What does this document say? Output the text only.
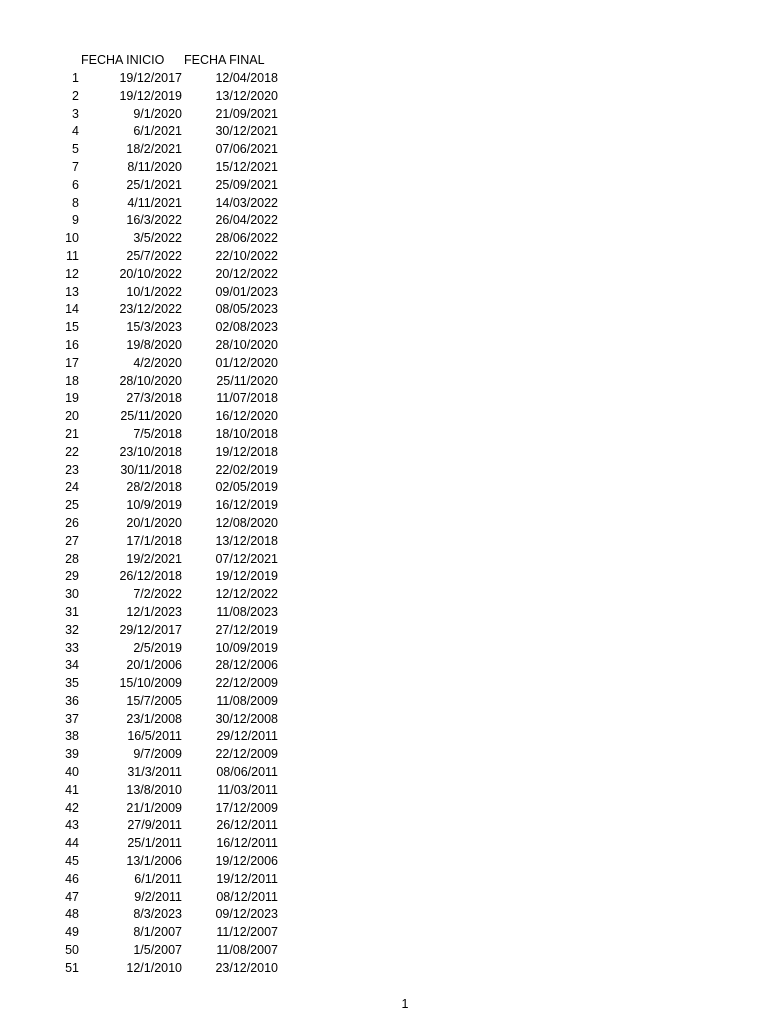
FECHA INICIO FECHA FINAL
1	19/12/2017	12/04/2018
2	19/12/2019	13/12/2020
3	9/1/2020	21/09/2021
4	6/1/2021	30/12/2021
5	18/2/2021	07/06/2021
7	8/11/2020	15/12/2021
6	25/1/2021	25/09/2021
8	4/11/2021	14/03/2022
9	16/3/2022	26/04/2022
10	3/5/2022	28/06/2022
11	25/7/2022	22/10/2022
12	20/10/2022	20/12/2022
13	10/1/2022	09/01/2023
14	23/12/2022	08/05/2023
15	15/3/2023	02/08/2023
16	19/8/2020	28/10/2020
17	4/2/2020	01/12/2020
18	28/10/2020	25/11/2020
19	27/3/2018	11/07/2018
20	25/11/2020	16/12/2020
21	7/5/2018	18/10/2018
22	23/10/2018	19/12/2018
23	30/11/2018	22/02/2019
24	28/2/2018	02/05/2019
25	10/9/2019	16/12/2019
26	20/1/2020	12/08/2020
27	17/1/2018	13/12/2018
28	19/2/2021	07/12/2021
29	26/12/2018	19/12/2019
30	7/2/2022	12/12/2022
31	12/1/2023	11/08/2023
32	29/12/2017	27/12/2019
33	2/5/2019	10/09/2019
34	20/1/2006	28/12/2006
35	15/10/2009	22/12/2009
36	15/7/2005	11/08/2009
37	23/1/2008	30/12/2008
38	16/5/2011	29/12/2011
39	9/7/2009	22/12/2009
40	31/3/2011	08/06/2011
41	13/8/2010	11/03/2011
42	21/1/2009	17/12/2009
43	27/9/2011	26/12/2011
44	25/1/2011	16/12/2011
45	13/1/2006	19/12/2006
46	6/1/2011	19/12/2011
47	9/2/2011	08/12/2011
48	8/3/2023	09/12/2023
49	8/1/2007	11/12/2007
50	1/5/2007	11/08/2007
51	12/1/2010	23/12/2010
1
